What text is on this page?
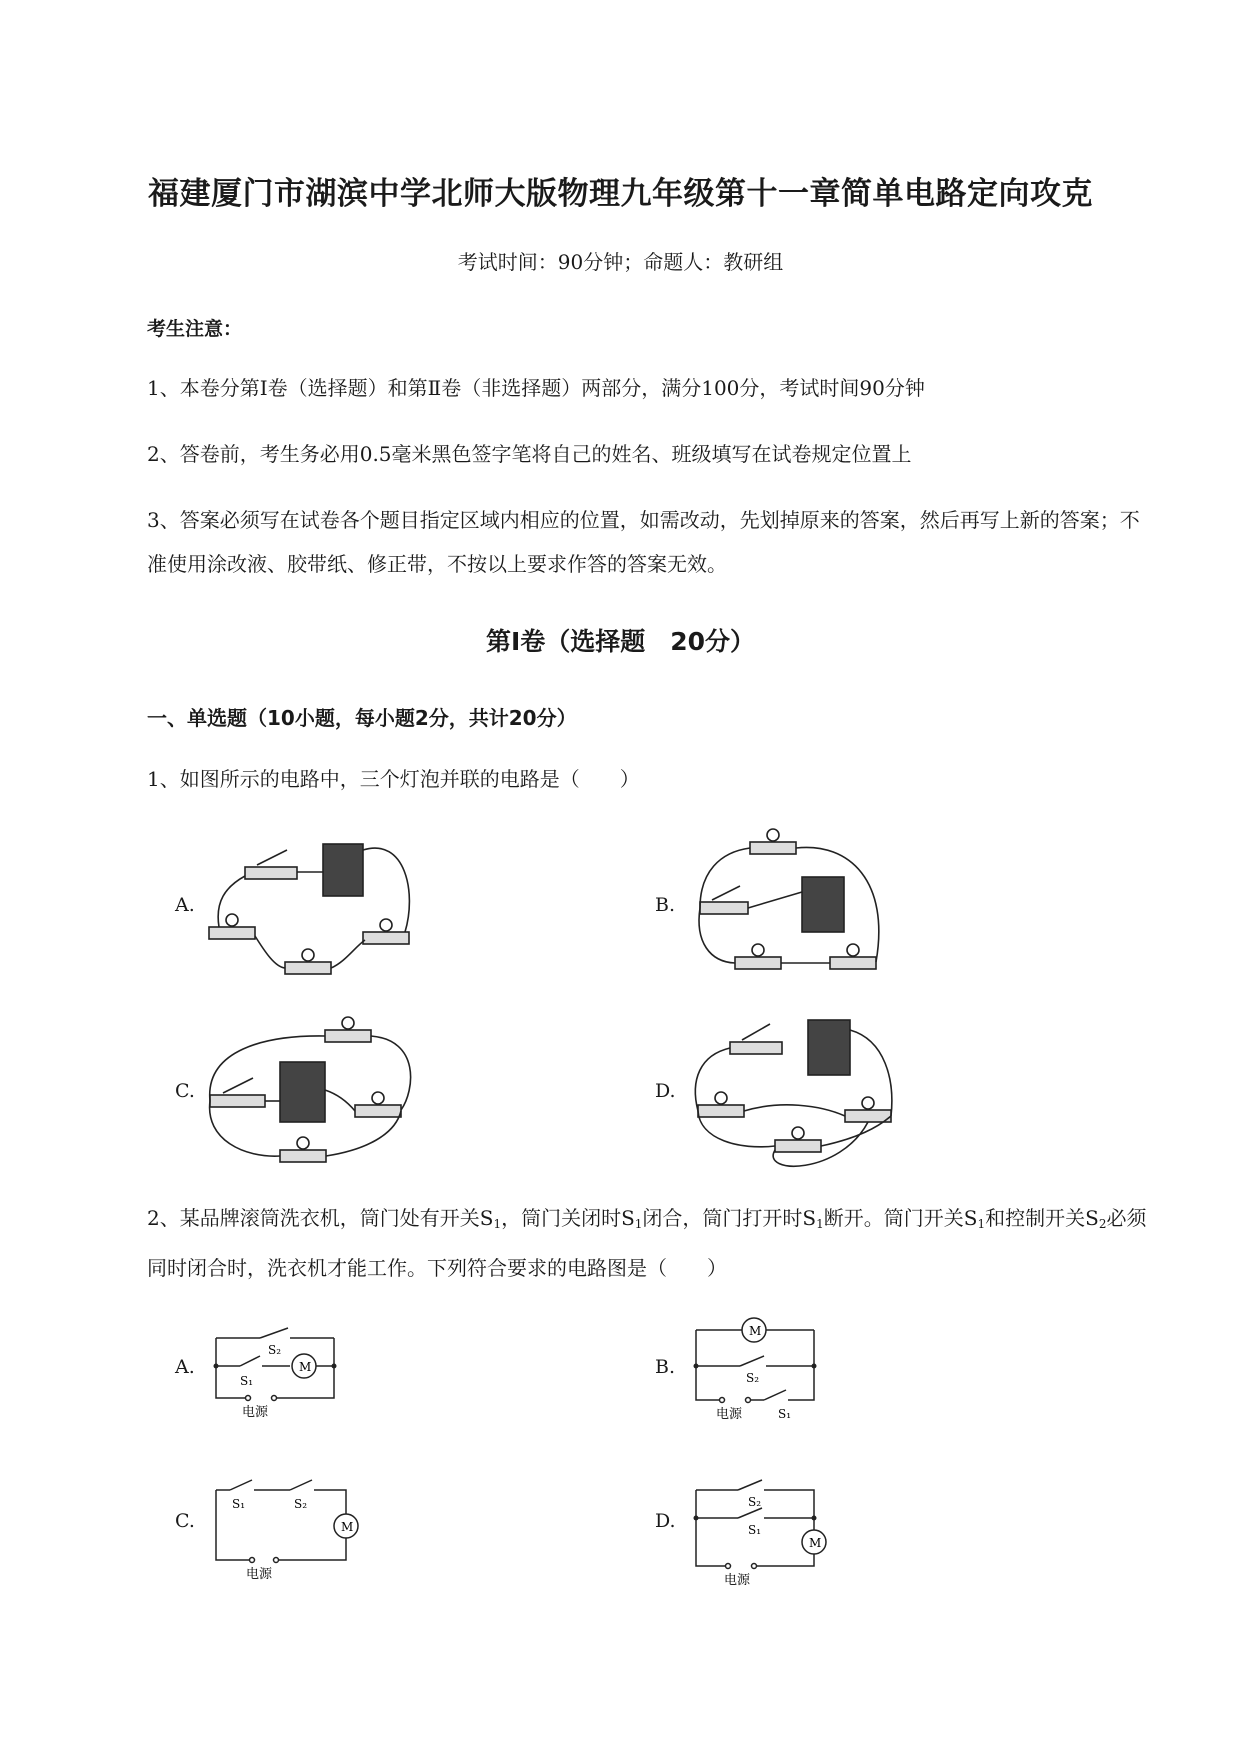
福建厦门市湖滨中学北师大版物理九年级第十一章简单电路定向攻克
考试时间：90分钟；命题人：教研组
考生注意：
1、本卷分第Ⅰ卷（选择题）和第Ⅱ卷（非选择题）两部分，满分100分，考试时间90分钟
2、答卷前，考生务必用0.5毫米黑色签字笔将自己的姓名、班级填写在试卷规定位置上
3、答案必须写在试卷各个题目指定区域内相应的位置，如需改动，先划掉原来的答案，然后再写上新的答案；不准使用涂改液、胶带纸、修正带，不按以上要求作答的答案无效。
第Ⅰ卷（选择题　20分）
一、单选题（10小题，每小题2分，共计20分）
1、如图所示的电路中，三个灯泡并联的电路是（　　）
A.	B.
C.	D.
2、某品牌滚筒洗衣机，筒门处有开关$S_1$，筒门关闭时$S_1$闭合，筒门打开时$S_1$断开。筒门开关$S_1$和控制开关$S_2$必须同时闭合时，洗衣机才能工作。下列符合要求的电路图是（　　）
A.	B.
C.	D.
S₂
S₁
M
电源
M
S₂
电源	S₁
S₁	S₂
M
电源
S₂
S₁
M
电源
